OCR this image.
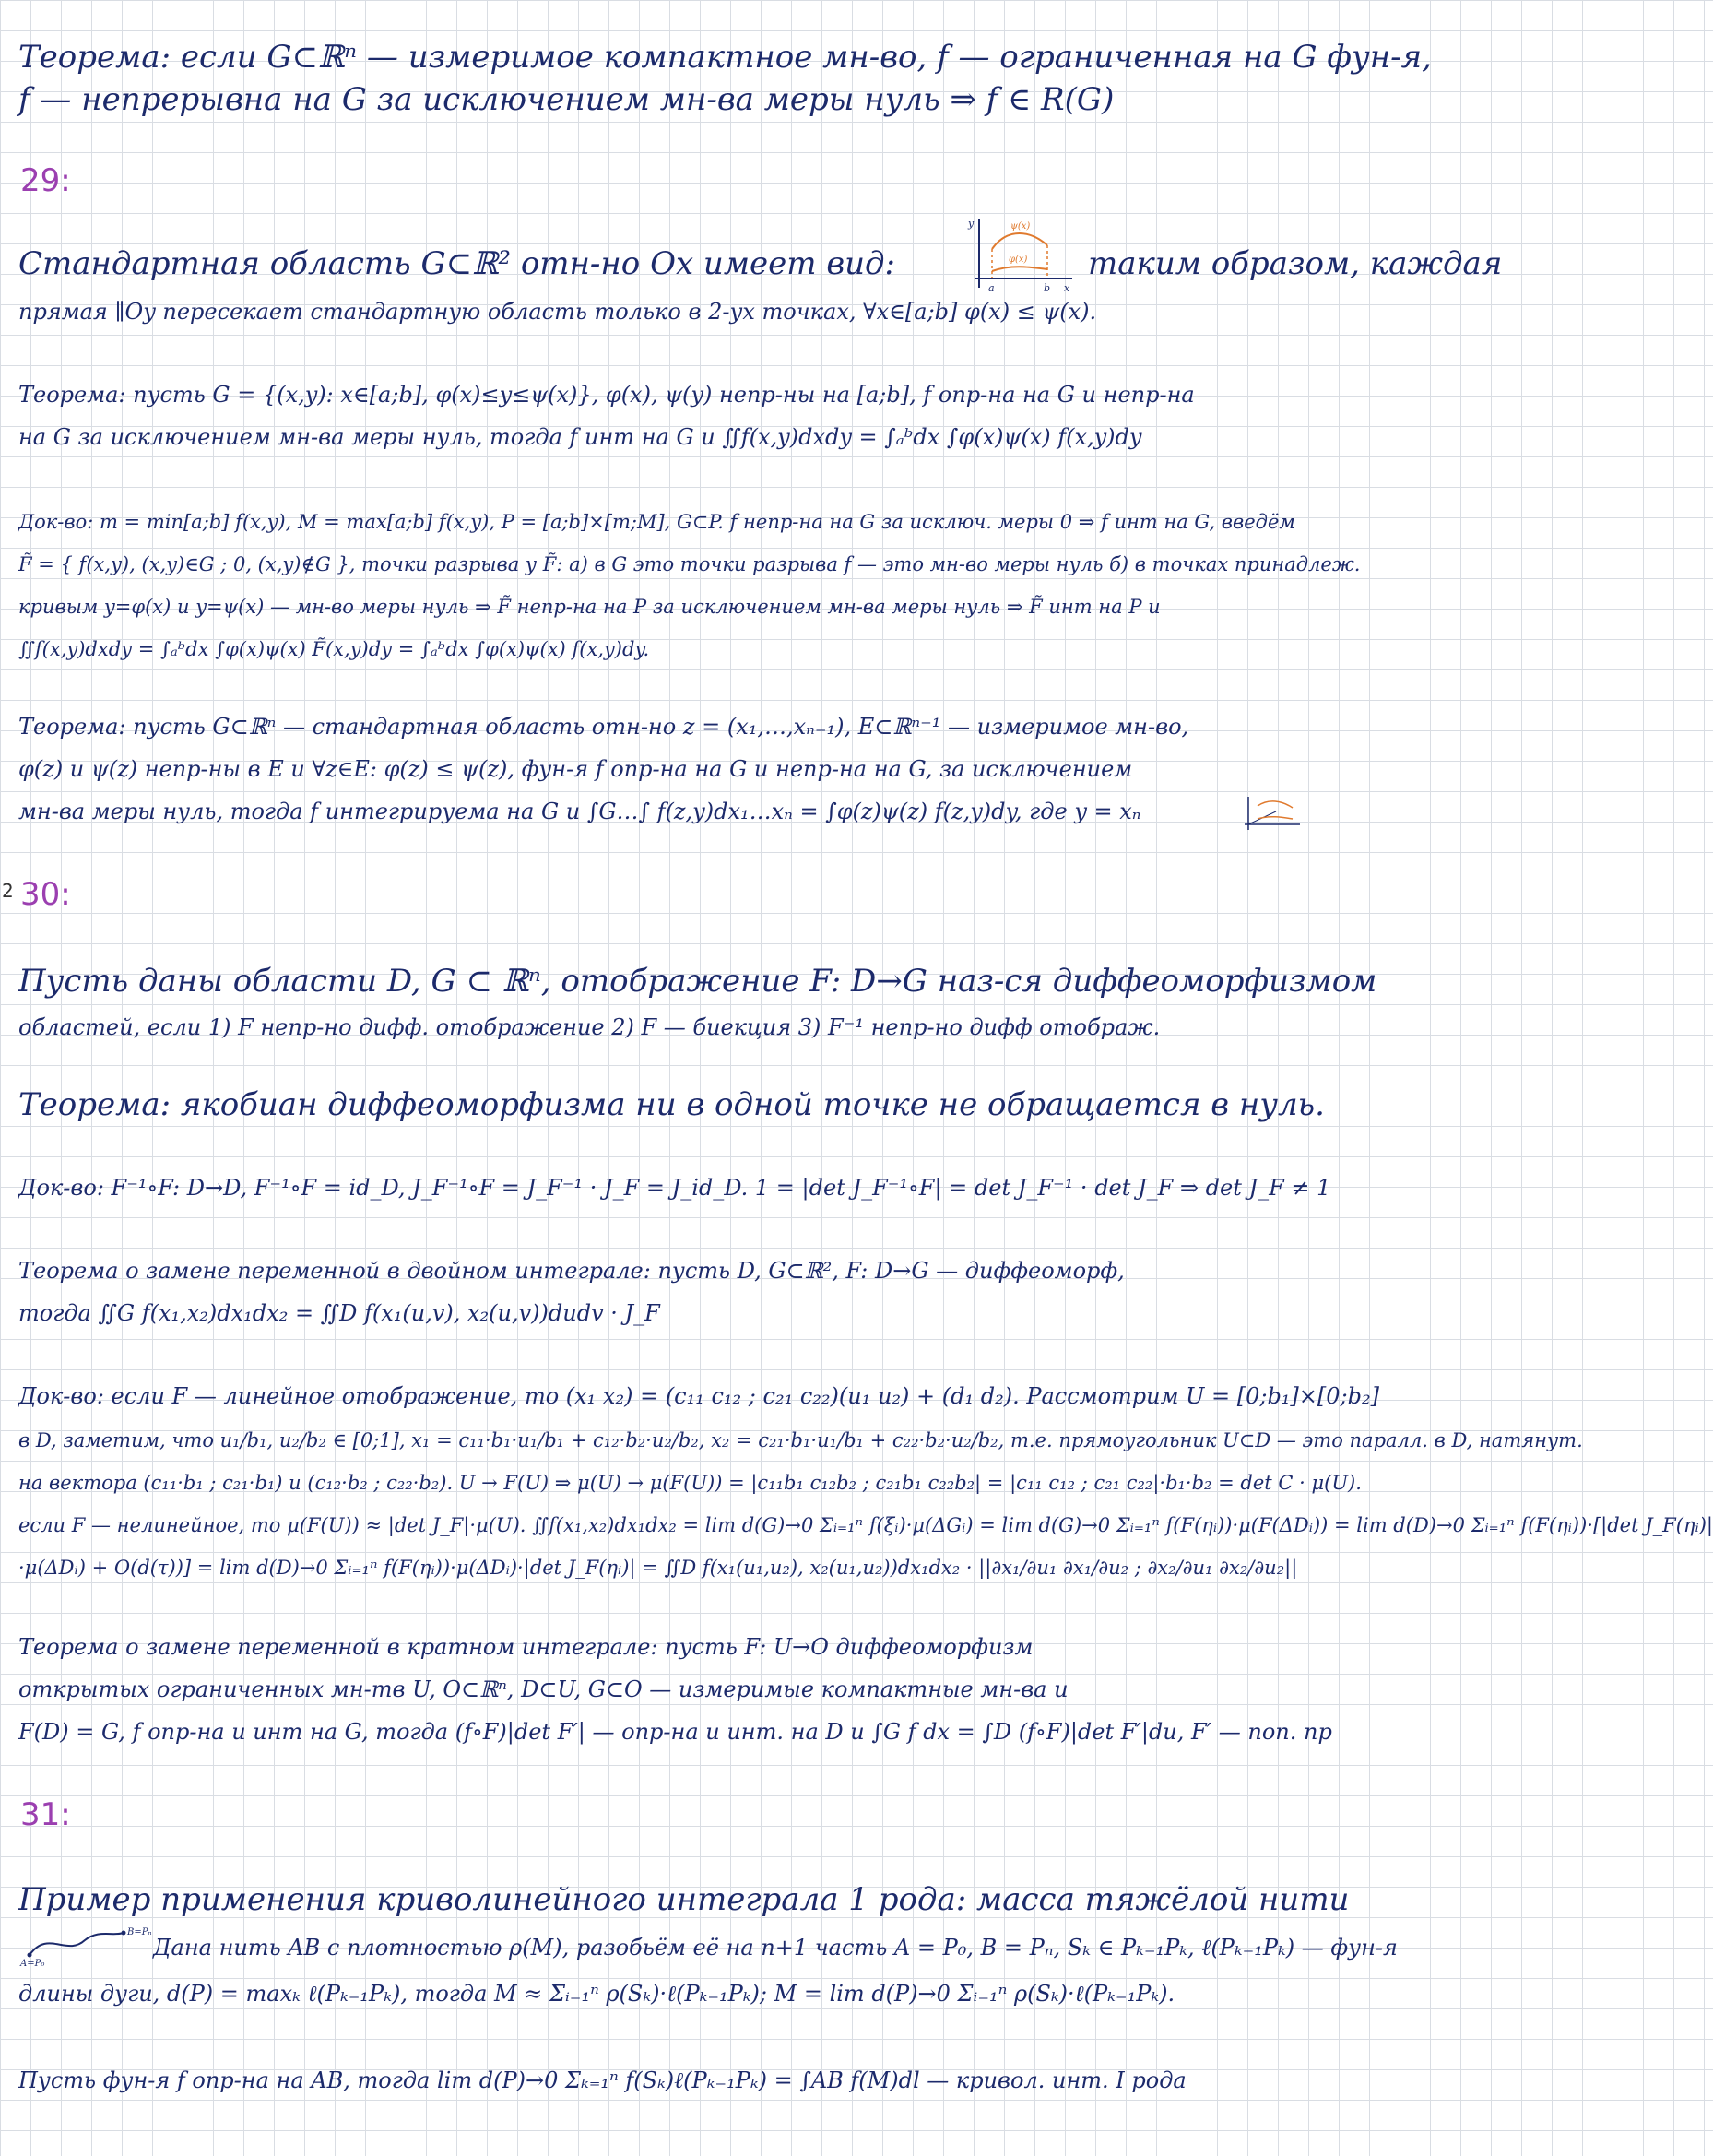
2
Теорема: если G⊂ℝⁿ — измеримое компактное мн-во, f — ограниченная на G фун-я,
f — непрерывна на G за исключением мн-ва меры нуль ⇒ f ∈ R(G)
29:
Стандартная область G⊂ℝ² отн-но Ox имеет вид:
y
x
a	b
ψ(x)
φ(x) таким образом, каждая
прямая ∥Oy пересекает стандартную область только в 2-ух точках, ∀x∈[a;b] φ(x) ≤ ψ(x).
Теорема: пусть G = {(x,y): x∈[a;b], φ(x)≤y≤ψ(x)}, φ(x), ψ(y) непр-ны на [a;b], f опр-на на G и непр-на
на G за исключением мн-ва меры нуль, тогда f инт на G и ∬f(x,y)dxdy = ∫ₐᵇdx ∫φ(x)ψ(x) f(x,y)dy
Док-во: m = min[a;b] f(x,y), M = max[a;b] f(x,y), P = [a;b]×[m;M], G⊂P. f непр-на на G за исключ. меры 0 ⇒ f инт на G, введём
F̃ = { f(x,y), (x,y)∈G ; 0, (x,y)∉G }, точки разрыва у F̃: а) в G это точки разрыва f — это мн-во меры нуль б) в точках принадлеж.
кривым y=φ(x) и y=ψ(x) — мн-во меры нуль ⇒ F̃ непр-на на P за исключением мн-ва меры нуль ⇒ F̃ инт на P и
∬f(x,y)dxdy = ∫ₐᵇdx ∫φ(x)ψ(x) F̃(x,y)dy = ∫ₐᵇdx ∫φ(x)ψ(x) f(x,y)dy.
Теорема: пусть G⊂ℝⁿ — стандартная область отн-но z = (x₁,…,xₙ₋₁), E⊂ℝⁿ⁻¹ — измеримое мн-во,
φ(z) и ψ(z) непр-ны в E и ∀z∈E: φ(z) ≤ ψ(z), фун-я f опр-на на G и непр-на на G, за исключением
мн-ва меры нуль, тогда f интегрируема на G и ∫G…∫ f(z,y)dx₁…xₙ = ∫φ(z)ψ(z) f(z,y)dy, где y = xₙ
30:
Пусть даны области D, G ⊂ ℝⁿ, отображение F: D→G наз-ся диффеоморфизмом
областей, если 1) F непр-но дифф. отображение 2) F — биекция 3) F⁻¹ непр-но дифф отображ.
Теорема: якобиан диффеоморфизма ни в одной точке не обращается в нуль.
Док-во: F⁻¹∘F: D→D, F⁻¹∘F = id_D, J_F⁻¹∘F = J_F⁻¹ · J_F = J_id_D. 1 = |det J_F⁻¹∘F| = det J_F⁻¹ · det J_F ⇒ det J_F ≠ 1
Теорема о замене переменной в двойном интеграле: пусть D, G⊂ℝ², F: D→G — диффеоморф,
тогда ∬G f(x₁,x₂)dx₁dx₂ = ∬D f(x₁(u,v), x₂(u,v))dudv · J_F
Док-во: если F — линейное отображение, то (x₁ x₂) = (c₁₁ c₁₂ ; c₂₁ c₂₂)(u₁ u₂) + (d₁ d₂). Рассмотрим U = [0;b₁]×[0;b₂]
в D, заметим, что u₁/b₁, u₂/b₂ ∈ [0;1], x₁ = c₁₁·b₁·u₁/b₁ + c₁₂·b₂·u₂/b₂, x₂ = c₂₁·b₁·u₁/b₁ + c₂₂·b₂·u₂/b₂, т.е. прямоугольник U⊂D — это паралл. в D, натянут.
на вектора (c₁₁·b₁ ; c₂₁·b₁) и (c₁₂·b₂ ; c₂₂·b₂). U → F(U) ⇒ μ(U) → μ(F(U)) = |c₁₁b₁ c₁₂b₂ ; c₂₁b₁ c₂₂b₂| = |c₁₁ c₁₂ ; c₂₁ c₂₂|·b₁·b₂ = det C · μ(U).
если F — нелинейное, то μ(F(U)) ≈ |det J_F|·μ(U). ∬f(x₁,x₂)dx₁dx₂ = lim d(G)→0 Σᵢ₌₁ⁿ f(ξᵢ)·μ(ΔGᵢ) = lim d(G)→0 Σᵢ₌₁ⁿ f(F(ηᵢ))·μ(F(ΔDᵢ)) = lim d(D)→0 Σᵢ₌₁ⁿ f(F(ηᵢ))·[|det J_F(ηᵢ)|
·μ(ΔDᵢ) + O(d(τ))] = lim d(D)→0 Σᵢ₌₁ⁿ f(F(ηᵢ))·μ(ΔDᵢ)·|det J_F(ηᵢ)| = ∬D f(x₁(u₁,u₂), x₂(u₁,u₂))dx₁dx₂ · ||∂x₁/∂u₁ ∂x₁/∂u₂ ; ∂x₂/∂u₁ ∂x₂/∂u₂||
Теорема о замене переменной в кратном интеграле: пусть F: U→O диффеоморфизм
открытых ограниченных мн-тв U, O⊂ℝⁿ, D⊂U, G⊂O — измеримые компактные мн-ва и
F(D) = G, f опр-на и инт на G, тогда (f∘F)|det F′| — опр-на и инт. на D и ∫G f dx = ∫D (f∘F)|det F′|du, F′ — non. np
31:
Пример применения криволинейного интеграла 1 рода: масса тяжёлой нити
A=P₀
B=Pₙ
Дана нить AB с плотностью ρ(M), разобьём её на n+1 часть A = P₀, B = Pₙ, Sₖ ∈ Pₖ₋₁Pₖ, ℓ(Pₖ₋₁Pₖ) — фун-я
длины дуги, d(P) = maxₖ ℓ(Pₖ₋₁Pₖ), тогда M ≈ Σᵢ₌₁ⁿ ρ(Sₖ)·ℓ(Pₖ₋₁Pₖ); M = lim d(P)→0 Σᵢ₌₁ⁿ ρ(Sₖ)·ℓ(Pₖ₋₁Pₖ).
Пусть фун-я f опр-на на AB, тогда lim d(P)→0 Σₖ₌₁ⁿ f(Sₖ)ℓ(Pₖ₋₁Pₖ) = ∫AB f(M)dl — кривол. инт. I рода
